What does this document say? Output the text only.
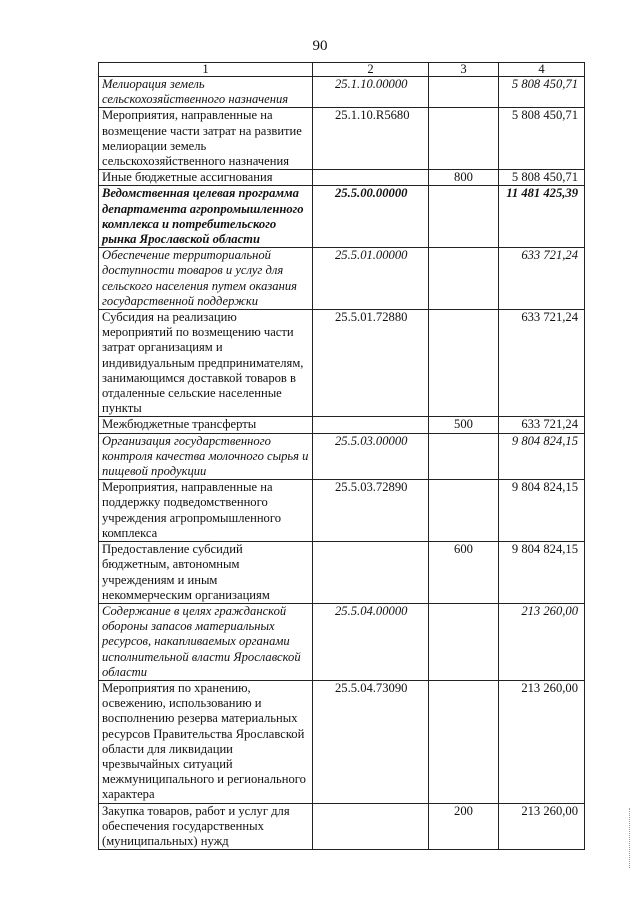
90
1	2	3	4
Мелиорация земель сельскохозяйственного назначения	25.1.10.00000		5 808 450,71
Мероприятия, направленные на возмещение части затрат на развитие мелиорации земель сельскохозяйственного назначения	25.1.10.R5680		5 808 450,71
Иные бюджетные ассигнования		800	5 808 450,71
Ведомственная целевая программа департамента агропромышленного комплекса и потребительского рынка Ярославской области	25.5.00.00000		11 481 425,39
Обеспечение территориальной доступности товаров и услуг для сельского населения путем оказания государственной поддержки	25.5.01.00000		633 721,24
Субсидия на реализацию мероприятий по возмещению части затрат организациям и индивидуальным предпринимателям, занимающимся доставкой товаров в отдаленные сельские населенные пункты	25.5.01.72880		633 721,24
Межбюджетные трансферты		500	633 721,24
Организация государственного контроля качества молочного сырья и пищевой продукции	25.5.03.00000		9 804 824,15
Мероприятия, направленные на поддержку подведомственного учреждения агропромышленного комплекса	25.5.03.72890		9 804 824,15
Предоставление субсидий бюджетным, автономным учреждениям и иным некоммерческим организациям		600	9 804 824,15
Содержание в целях гражданской обороны запасов материальных ресурсов, накапливаемых органами исполнительной власти Ярославской области	25.5.04.00000		213 260,00
Мероприятия по хранению, освежению, использованию и восполнению резерва материальных ресурсов Правительства Ярославской области для ликвидации чрезвычайных ситуаций межмуниципального и регионального характера	25.5.04.73090		213 260,00
Закупка товаров, работ и услуг для обеспечения государственных (муниципальных) нужд		200	213 260,00
